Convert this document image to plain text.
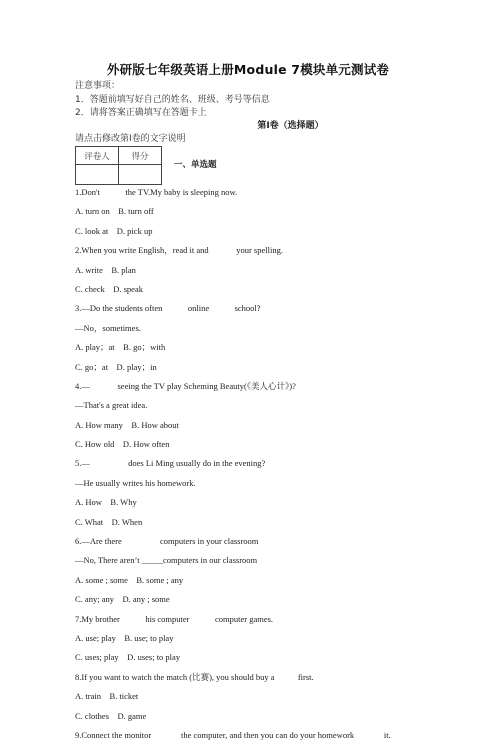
外研版七年级英语上册Module 7模块单元测试卷
注意事项：
1．答题前填写好自己的姓名、班级、考号等信息
2．请将答案正确填写在答题卡上
第I卷（选择题）
请点击修改第I卷的文字说明
评卷人	得分

一、单选题
1.Don't            the TV.My baby is sleeping now.
A. turn on    B. turn off
C. look at    D. pick up
2.When you write English，read it and             your spelling.
A. write    B. plan
C. check    D. speak
3.—Do the students often            online            school?
—No，sometimes.
A. play；at    B. go；with
C. go；at    D. play；in
4.—             seeing the TV play Scheming Beauty(《美人心计》)?
—That's a great idea.
A. How many    B. How about
C. How old    D. How often
5.—                  does Li Ming usually do in the evening?
—He usually writes his homework.
A. How    B. Why
C. What    D. When
6.—Are there                  computers in your classroom
—No, There aren’t _____computers in our classroom
A. some ; some    B. some ; any
C. any; any    D. any ; some
7.My brother            his computer            computer games.
A. use; play    B. use; to play
C. uses; play    D. uses; to play
8.If you want to watch the match (比赛), you should buy a           first.
A. train    B. ticket
C. clothes    D. game
9.Connect the monitor              the computer, and then you can do your homework              it.
